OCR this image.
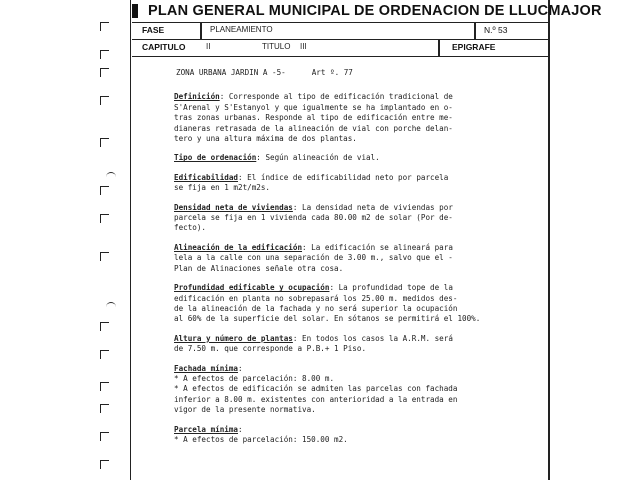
PLAN GENERAL MUNICIPAL DE ORDENACION DE LLUCMAJOR
FASE	PLANEAMIENTO	N.º 53
CAPITULO	II	TITULO III	EPIGRAFE
ZONA URBANA JARDIN A -5-	Art º. 77
Definición: Corresponde al tipo de edificación tradicional de
S'Arenal y S'Estanyol y que igualmente se ha implantado en o-
tras zonas urbanas. Responde al tipo de edificación entre me-
dianeras retrasada de la alineación de vial con porche delan-
tero y una altura máxima de dos plantas.
Tipo de ordenación: Según alineación de vial.
Edificabilidad: El índice de edificabilidad neto por parcela
se fija en 1 m2t/m2s.
Densidad neta de viviendas: La densidad neta de viviendas por
parcela se fija en 1 vivienda cada 80.00 m2 de solar (Por de-
fecto).
Alineación de la edificación: La edificación se alineará para
lela a la calle con una separación de 3.00 m., salvo que el -
Plan de Alinaciones señale otra cosa.
Profundidad edificable y ocupación: La profundidad tope de la
edificación en planta no sobrepasará los 25.00 m. medidos des-
de la alineación de la fachada y no será superior la ocupación
al 60% de la superficie del solar. En sótanos se permitirá el 100%.
Altura y número de plantas: En todos los casos la A.R.M. será
de 7.50 m. que corresponde a P.B.+ 1 Piso.
Fachada mínima:
* A efectos de parcelación: 8.00 m.
* A efectos de edificación se admiten las parcelas con fachada
inferior a 8.00 m. existentes con anterioridad a la entrada en
vigor de la presente normativa.
Parcela mínima:
* A efectos de parcelación: 150.00 m2.
